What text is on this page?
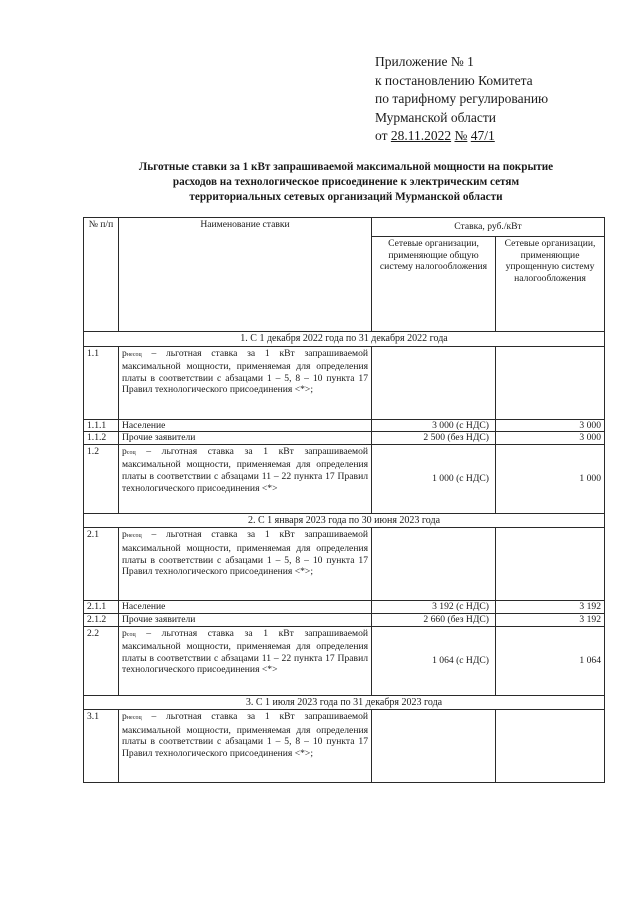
Приложение № 1
к постановлению Комитета
по тарифному регулированию
Мурманской области
от 28.11.2022 № 47/1
Льготные ставки за 1 кВт запрашиваемой максимальной мощности на покрытие
расходов на технологическое присоединение к электрическим сетям
территориальных сетевых организаций Мурманской области
№ п/п	Наименование ставки	Ставка, руб./кВт	
		Сетевые организации, применяющие общую систему налогообложения	Сетевые организации, применяющие упрощенную систему налогообложения
1. С 1 декабря 2022 года по 31 декабря 2022 года			
1.1	рнесоц – льготная ставка за 1 кВт запрашиваемой максимальной мощности, применяемая для определения платы в соответствии с абзацами 1 – 5, 8 – 10 пункта 17 Правил технологического присоединения <*>;		
1.1.1	Население	3 000 (с НДС)	3 000
1.1.2	Прочие заявители	2 500 (без НДС)	3 000
1.2	рсоц – льготная ставка за 1 кВт запрашиваемой максимальной мощности, применяемая для определения платы в соответствии с абзацами 11 – 22 пункта 17 Правил технологического присоединения <*>	1 000 (с НДС)	1 000
2. С 1 января 2023 года по 30 июня 2023 года			
2.1	рнесоц – льготная ставка за 1 кВт запрашиваемой максимальной мощности, применяемая для определения платы в соответствии с абзацами 1 – 5, 8 – 10 пункта 17 Правил технологического присоединения <*>;		
2.1.1	Население	3 192 (с НДС)	3 192
2.1.2	Прочие заявители	2 660 (без НДС)	3 192
2.2	рсоц – льготная ставка за 1 кВт запрашиваемой максимальной мощности, применяемая для определения платы в соответствии с абзацами 11 – 22 пункта 17 Правил технологического присоединения <*>	1 064 (с НДС)	1 064
3. С 1 июля 2023 года по 31 декабря 2023 года			
3.1	рнесоц – льготная ставка за 1 кВт запрашиваемой максимальной мощности, применяемая для определения платы в соответствии с абзацами 1 – 5, 8 – 10 пункта 17 Правил технологического присоединения <*>;		
